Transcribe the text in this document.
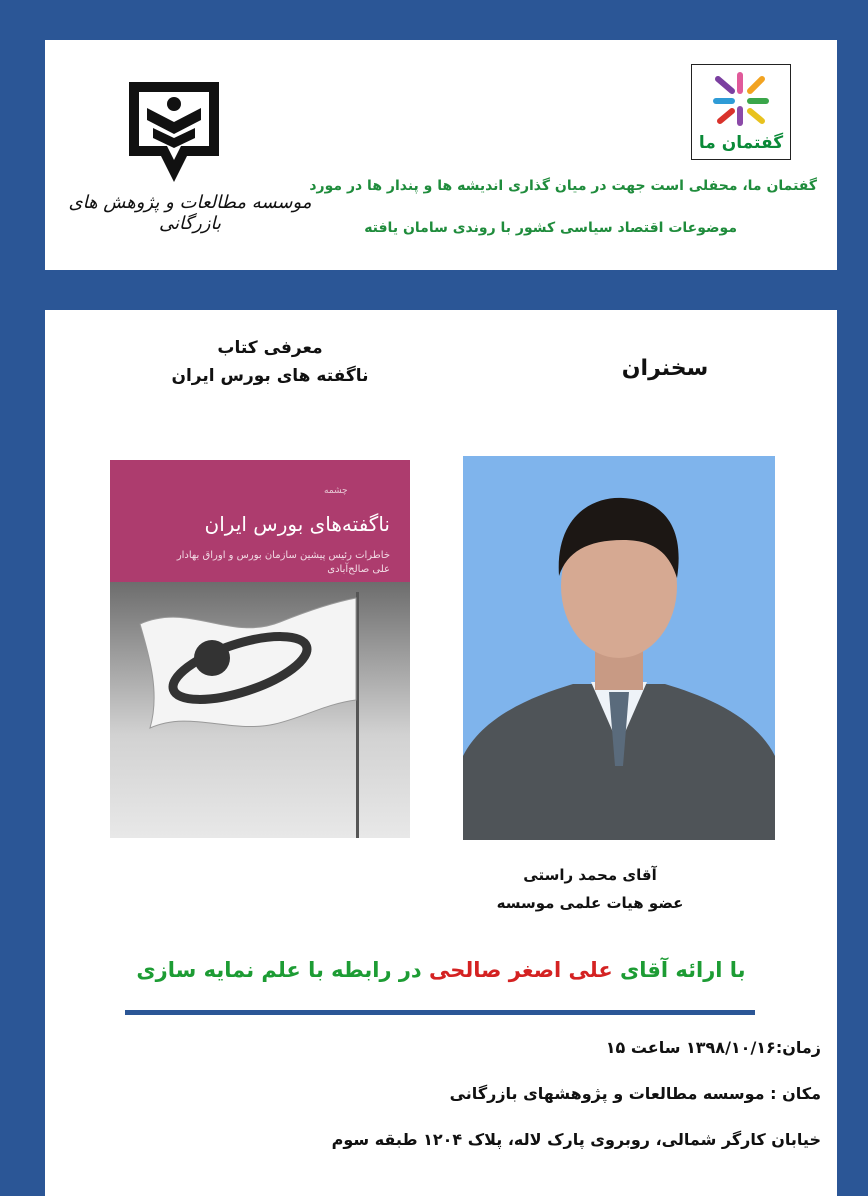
گفتمان ما
گفتمان ما، محفلی است جهت در میان گذاری اندیشه ها و پندار ها در مورد
موضوعات اقتصاد سیاسی کشور با روندی سامان یافته
موسسه مطالعات و پژوهش های بازرگانی
معرفی کتاب
ناگفته های بورس ایران	سخنران
چشمه
ناگفته‌های بورس ایران
خاطرات رئیس پیشین سازمان بورس و اوراق بهادار
علی صالح‌آبادی
آقای محمد راستی
عضو هیات علمی موسسه
با ارائه آقای علی اصغر صالحی در رابطه با علم نمایه سازی
زمان:۱۳۹۸/۱۰/۱۶ ساعت ۱۵
مکان : موسسه مطالعات و پژوهشهای بازرگانی
خیابان کارگر شمالی، روبروی پارک لاله، پلاک ۱۲۰۴ طبقه سوم
